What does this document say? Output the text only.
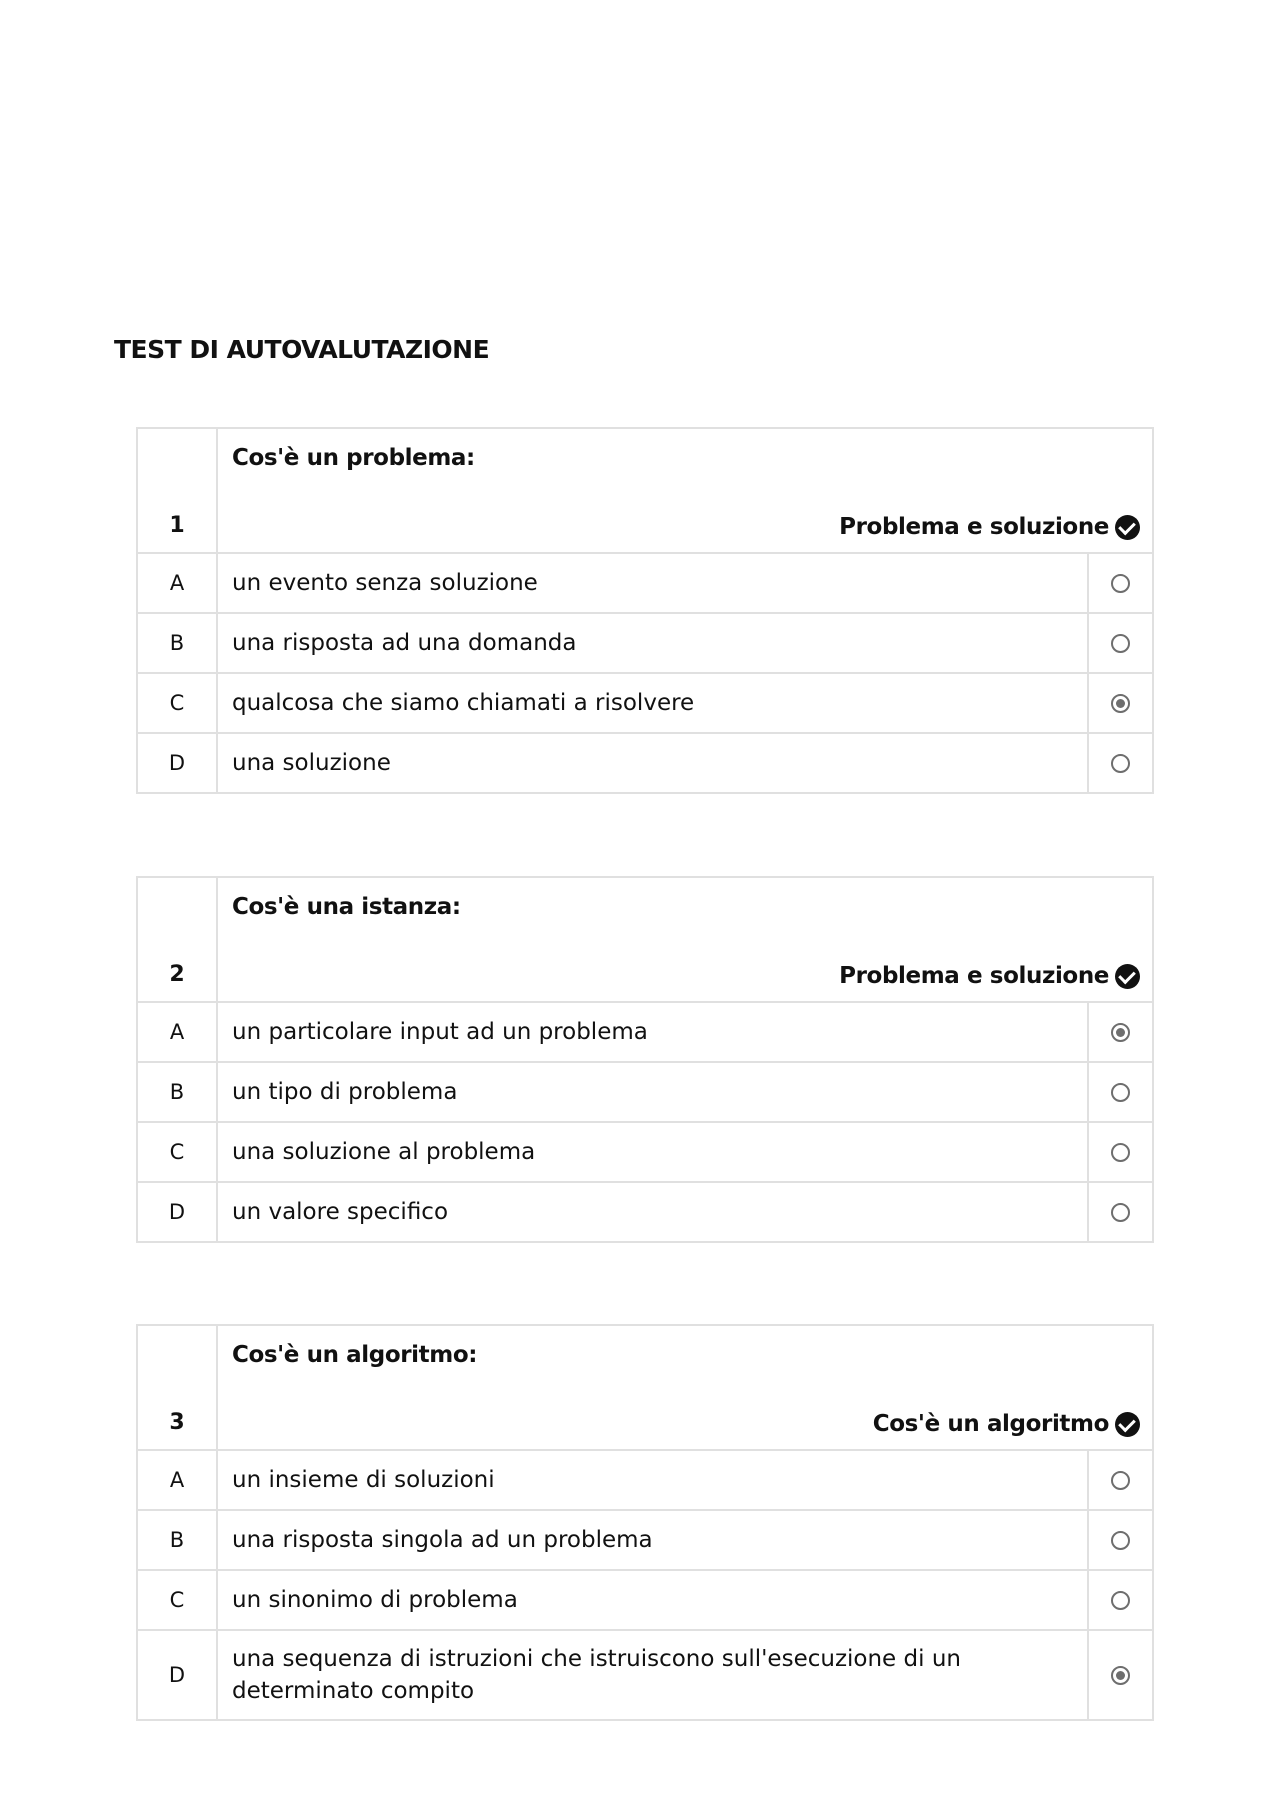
TEST DI AUTOVALUTAZIONE
1	Cos'è un problema:
Problema e soluzione	

A	un evento senza soluzione	
B	una risposta ad una domanda	
C	qualcosa che siamo chiamati a risolvere	
D	una soluzione	
2	Cos'è una istanza:
Problema e soluzione	

A	un particolare input ad un problema	
B	un tipo di problema	
C	una soluzione al problema	
D	un valore specifico	
3	Cos'è un algoritmo:
Cos'è un algoritmo	

A	un insieme di soluzioni	
B	una risposta singola ad un problema	
C	un sinonimo di problema	
D	una sequenza di istruzioni che istruiscono sull'esecuzione di un determinato compito	
